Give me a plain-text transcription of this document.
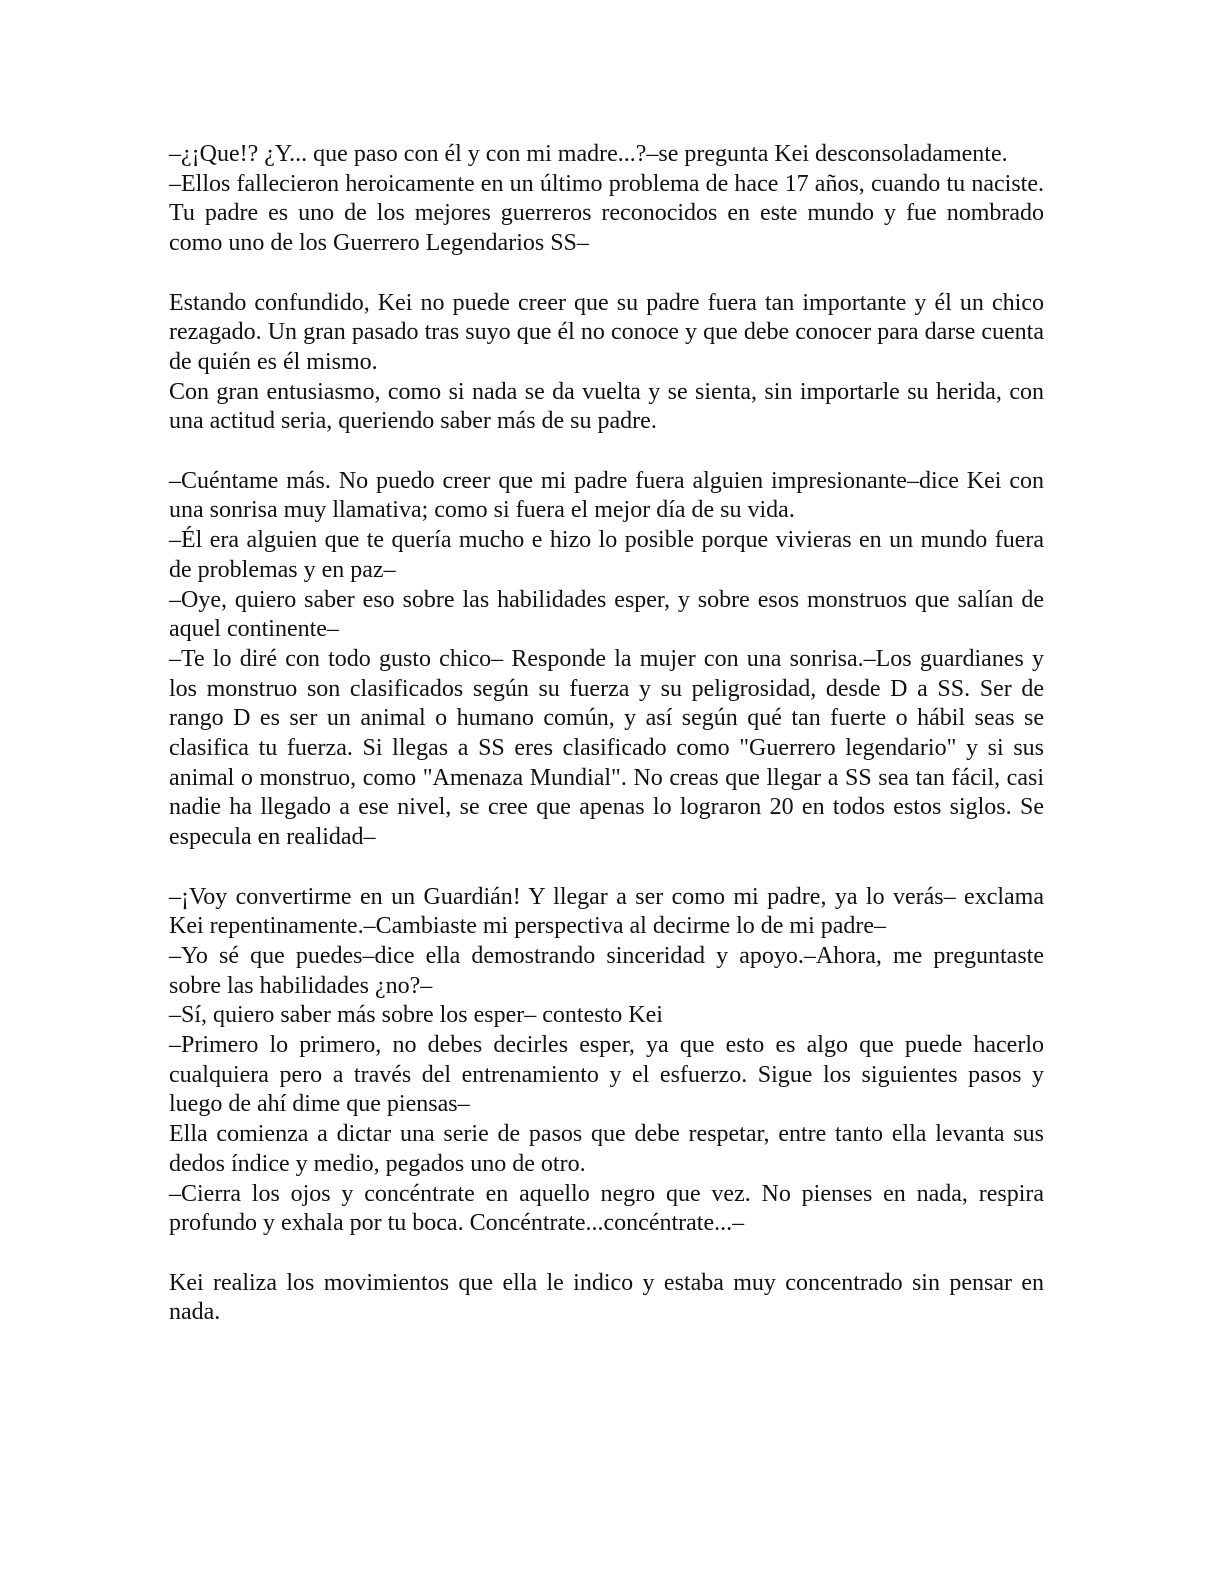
–¿¡Que!? ¿Y... que paso con él y con mi madre...?–se pregunta Kei desconsoladamente.

–Ellos fallecieron heroicamente en un último problema de hace 17 años, cuando tu naciste. Tu padre es uno de los mejores guerreros reconocidos en este mundo y fue nombrado como uno de los Guerrero Legendarios SS–

Estando confundido, Kei no puede creer que su padre fuera tan importante y él un chico rezagado. Un gran pasado tras suyo que él no conoce y que debe conocer para darse cuenta de quién es él mismo.

Con gran entusiasmo, como si nada se da vuelta y se sienta, sin importarle su herida, con una actitud seria, queriendo saber más de su padre.

–Cuéntame más. No puedo creer que mi padre fuera alguien impresionante–dice Kei con una sonrisa muy llamativa; como si fuera el mejor día de su vida.

–Él era alguien que te quería mucho e hizo lo posible porque vivieras en un mundo fuera de problemas y en paz–

–Oye, quiero saber eso sobre las habilidades esper, y sobre esos monstruos que salían de aquel continente–

–Te lo diré con todo gusto chico– Responde la mujer con una sonrisa.–Los guardianes y los monstruo son clasificados según su fuerza y su peligrosidad, desde D a SS. Ser de rango D es ser un animal o humano común, y así según qué tan fuerte o hábil seas se clasifica tu fuerza. Si llegas a SS eres clasificado como "Guerrero legendario" y si sus animal o monstruo, como "Amenaza Mundial". No creas que llegar a SS sea tan fácil, casi nadie ha llegado a ese nivel, se cree que apenas lo lograron 20 en todos estos siglos. Se especula en realidad–

–¡Voy convertirme en un Guardián! Y llegar a ser como mi padre, ya lo verás– exclama Kei repentinamente.–Cambiaste mi perspectiva al decirme lo de mi padre–

–Yo sé que puedes–dice ella demostrando sinceridad y apoyo.–Ahora, me preguntaste sobre las habilidades ¿no?–

–Sí, quiero saber más sobre los esper– contesto Kei

–Primero lo primero, no debes decirles esper, ya que esto es algo que puede hacerlo cualquiera pero a través del entrenamiento y el esfuerzo. Sigue los siguientes pasos y luego de ahí dime que piensas–

Ella comienza a dictar una serie de pasos que debe respetar, entre tanto ella levanta sus dedos índice y medio, pegados uno de otro.

–Cierra los ojos y concéntrate en aquello negro que vez. No pienses en nada, respira profundo y exhala por tu boca. Concéntrate...concéntrate...–

Kei realiza los movimientos que ella le indico y estaba muy concentrado sin pensar en nada.
